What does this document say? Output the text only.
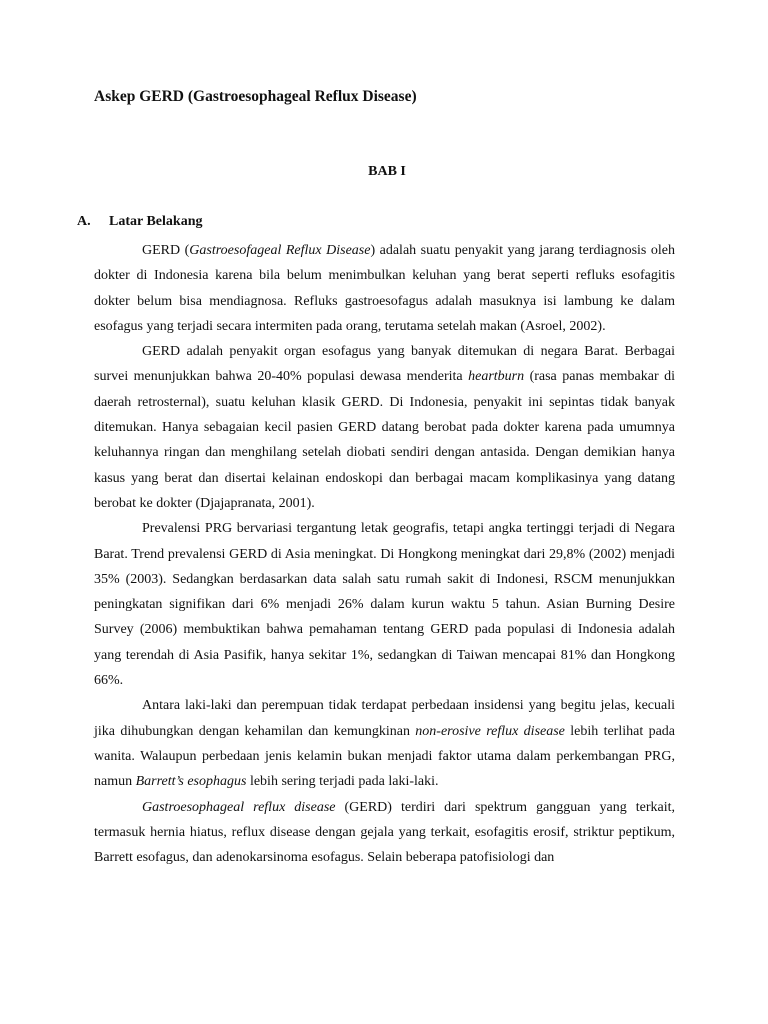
Askep GERD (Gastroesophageal Reflux Disease)
BAB I
A. Latar Belakang

GERD (Gastroesofageal Reflux Disease) adalah suatu penyakit yang jarang terdiagnosis oleh dokter di Indonesia karena bila belum menimbulkan keluhan yang berat seperti refluks esofagitis dokter belum bisa mendiagnosa. Refluks gastroesofagus adalah masuknya isi lambung ke dalam esofagus yang terjadi secara intermiten pada orang, terutama setelah makan (Asroel, 2002).

GERD adalah penyakit organ esofagus yang banyak ditemukan di negara Barat. Berbagai survei menunjukkan bahwa 20-40% populasi dewasa menderita heartburn (rasa panas membakar di daerah retrosternal), suatu keluhan klasik GERD. Di Indonesia, penyakit ini sepintas tidak banyak ditemukan. Hanya sebagaian kecil pasien GERD datang berobat pada dokter karena pada umumnya keluhannya ringan dan menghilang setelah diobati sendiri dengan antasida. Dengan demikian hanya kasus yang berat dan disertai kelainan endoskopi dan berbagai macam komplikasinya yang datang berobat ke dokter (Djajapranata, 2001).

Prevalensi PRG bervariasi tergantung letak geografis, tetapi angka tertinggi terjadi di Negara Barat. Trend prevalensi GERD di Asia meningkat. Di Hongkong meningkat dari 29,8% (2002) menjadi 35% (2003). Sedangkan berdasarkan data salah satu rumah sakit di Indonesi, RSCM menunjukkan peningkatan signifikan dari 6% menjadi 26% dalam kurun waktu 5 tahun. Asian Burning Desire Survey (2006) membuktikan bahwa pemahaman tentang GERD pada populasi di Indonesia adalah yang terendah di Asia Pasifik, hanya sekitar 1%, sedangkan di Taiwan mencapai 81% dan Hongkong 66%.

Antara laki-laki dan perempuan tidak terdapat perbedaan insidensi yang begitu jelas, kecuali jika dihubungkan dengan kehamilan dan kemungkinan non-erosive reflux disease lebih terlihat pada wanita. Walaupun perbedaan jenis kelamin bukan menjadi faktor utama dalam perkembangan PRG, namun Barrett’s esophagus lebih sering terjadi pada laki-laki.

Gastroesophageal reflux disease (GERD) terdiri dari spektrum gangguan yang terkait, termasuk hernia hiatus, reflux disease dengan gejala yang terkait, esofagitis erosif, striktur peptikum, Barrett esofagus, dan adenokarsinoma esofagus. Selain beberapa patofisiologi dan
